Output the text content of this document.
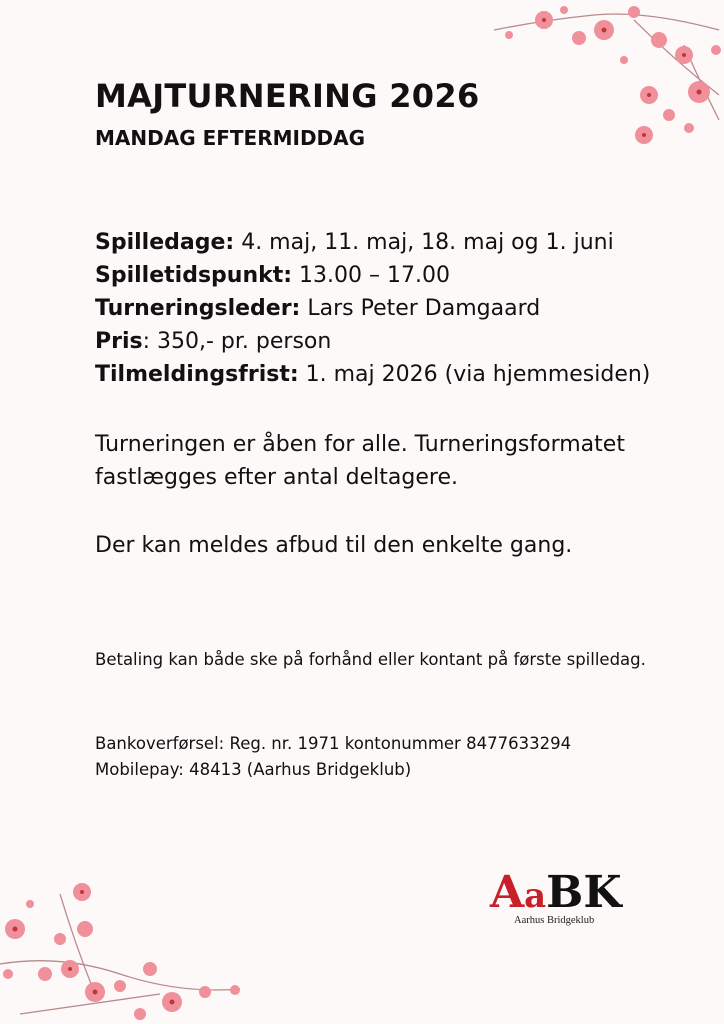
MAJTURNERING 2026
MANDAG EFTERMIDDAG
Spilledage: 4. maj, 11. maj, 18. maj og 1. juni
Spilletidspunkt: 13.00 – 17.00
Turneringsleder: Lars Peter Damgaard
Pris: 350,- pr. person
Tilmeldingsfrist: 1. maj 2026 (via hjemmesiden)

Turneringen er åben for alle. Turneringsformatet fastlægges efter antal deltagere.

Der kan meldes afbud til den enkelte gang.

Betaling kan både ske på forhånd eller kontant på første spilledag.

Bankoverførsel: Reg. nr. 1971 kontonummer 8477633294
Mobilepay: 48413 (Aarhus Bridgeklub)
AaBK
Aarhus Bridgeklub
